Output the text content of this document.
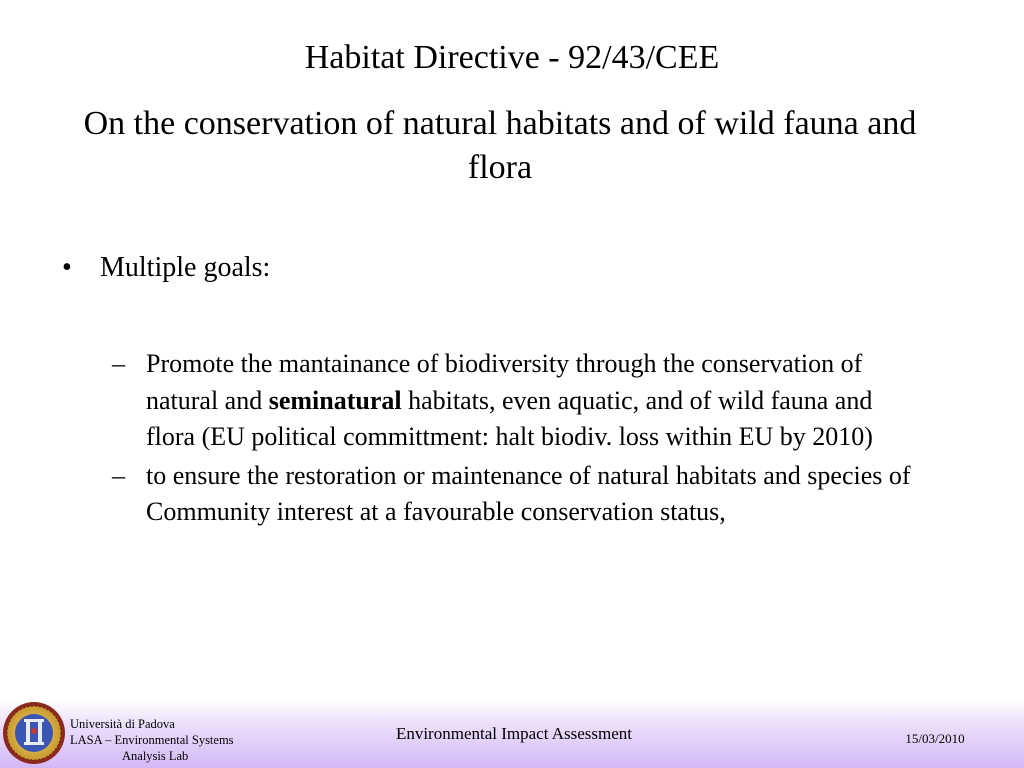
Habitat Directive - 92/43/CEE
On the conservation of natural habitats and of wild fauna and flora
•	Multiple goals:
– Promote the mantainance of biodiversity through the conservation of natural and seminatural habitats, even aquatic, and of wild fauna and flora (EU political committment: halt biodiv. loss within EU by 2010)
– to ensure the restoration or maintenance of natural habitats and species of Community interest at a favourable conservation status,
Università di Padova
LASA – Environmental Systems
Analysis Lab
Environmental Impact Assessment	15/03/2010
